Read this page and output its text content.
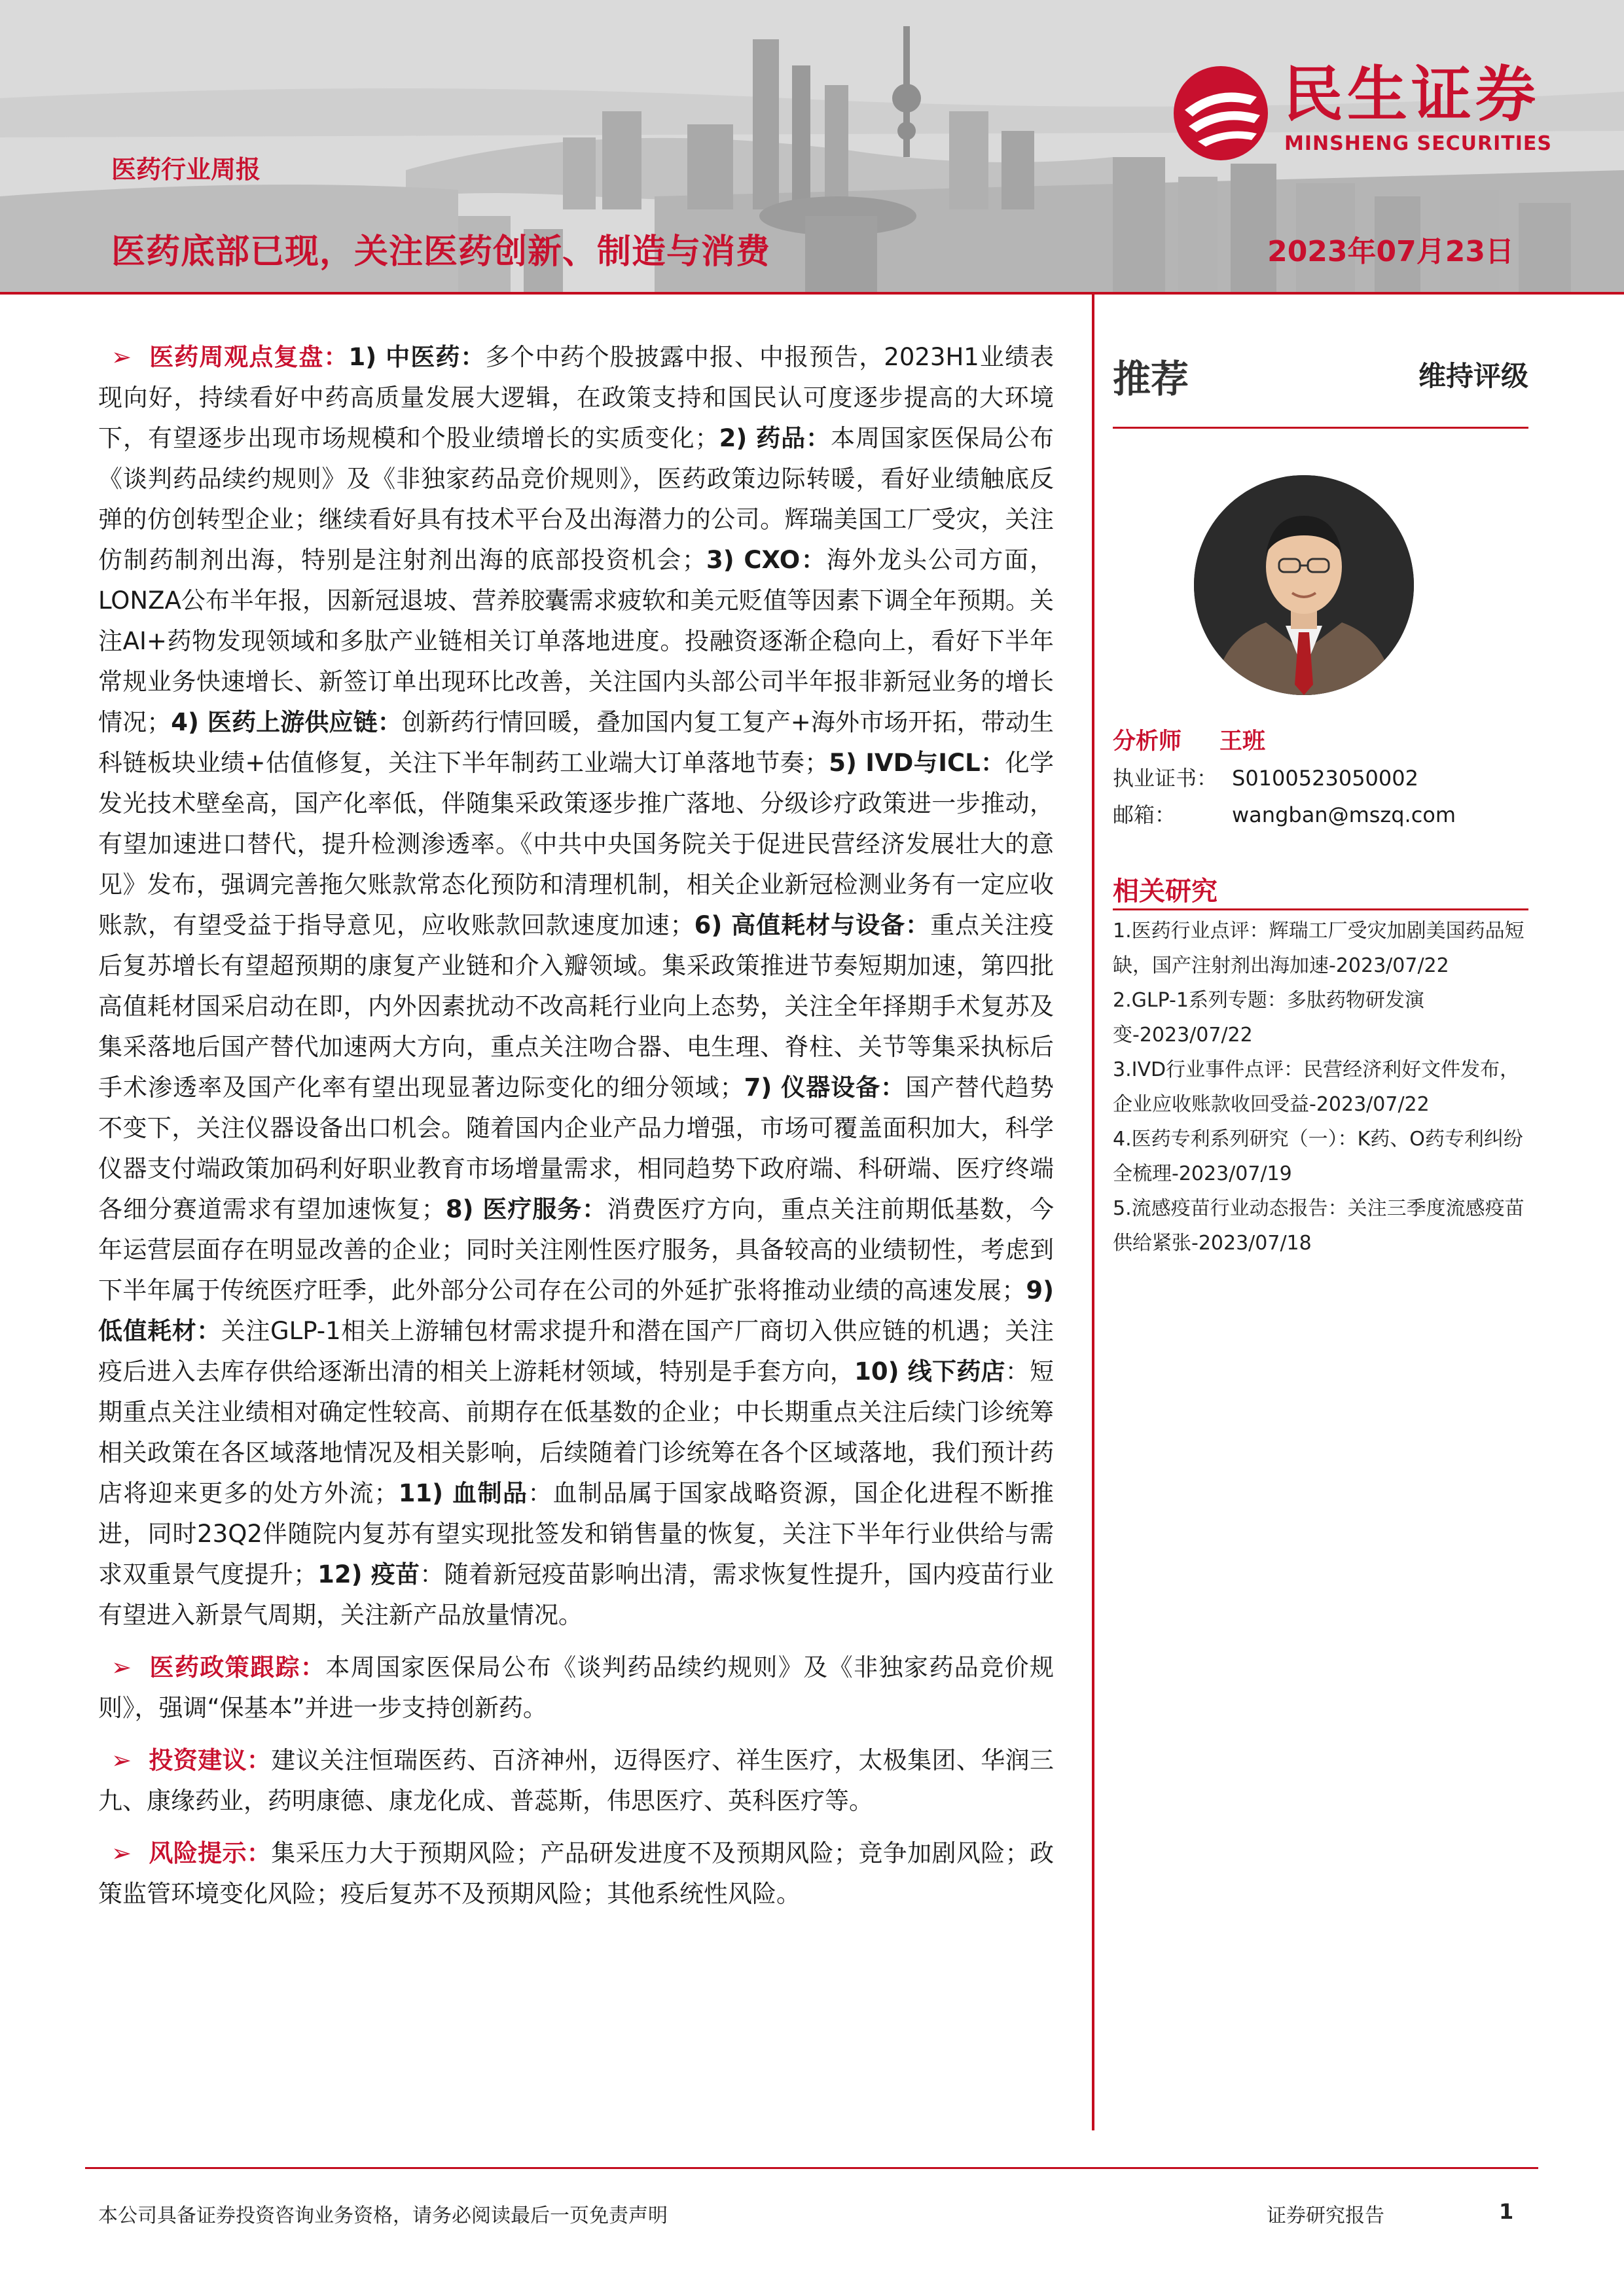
医药行业周报
医药底部已现，关注医药创新、制造与消费	2023年07月23日
民生证券
MINSHENG SECURITIES

➢ 医药周观点复盘：1) 中医药：多个中药个股披露中报、中报预告，2023H1业绩表现向好，持续看好中药高质量发展大逻辑，在政策支持和国民认可度逐步提高的大环境下，有望逐步出现市场规模和个股业绩增长的实质变化；2) 药品：本周国家医保局公布《谈判药品续约规则》及《非独家药品竞价规则》，医药政策边际转暖，看好业绩触底反弹的仿创转型企业；继续看好具有技术平台及出海潜力的公司。辉瑞美国工厂受灾，关注仿制药制剂出海，特别是注射剂出海的底部投资机会；3) CXO：海外龙头公司方面，LONZA公布半年报，因新冠退坡、营养胶囊需求疲软和美元贬值等因素下调全年预期。关注AI+药物发现领域和多肽产业链相关订单落地进度。投融资逐渐企稳向上，看好下半年常规业务快速增长、新签订单出现环比改善，关注国内头部公司半年报非新冠业务的增长情况；4) 医药上游供应链：创新药行情回暖，叠加国内复工复产+海外市场开拓，带动生科链板块业绩+估值修复，关注下半年制药工业端大订单落地节奏；5) IVD与ICL：化学发光技术壁垒高，国产化率低，伴随集采政策逐步推广落地、分级诊疗政策进一步推动，有望加速进口替代，提升检测渗透率。《中共中央国务院关于促进民营经济发展壮大的意见》发布，强调完善拖欠账款常态化预防和清理机制，相关企业新冠检测业务有一定应收账款，有望受益于指导意见，应收账款回款速度加速；6) 高值耗材与设备：重点关注疫后复苏增长有望超预期的康复产业链和介入瓣领域。集采政策推进节奏短期加速，第四批高值耗材国采启动在即，内外因素扰动不改高耗行业向上态势，关注全年择期手术复苏及集采落地后国产替代加速两大方向，重点关注吻合器、电生理、脊柱、关节等集采执标后手术渗透率及国产化率有望出现显著边际变化的细分领域；7) 仪器设备：国产替代趋势不变下，关注仪器设备出口机会。随着国内企业产品力增强，市场可覆盖面积加大，科学仪器支付端政策加码利好职业教育市场增量需求，相同趋势下政府端、科研端、医疗终端各细分赛道需求有望加速恢复；8) 医疗服务：消费医疗方向，重点关注前期低基数，今年运营层面存在明显改善的企业；同时关注刚性医疗服务，具备较高的业绩韧性，考虑到下半年属于传统医疗旺季，此外部分公司存在公司的外延扩张将推动业绩的高速发展；9) 低值耗材：关注GLP-1相关上游辅包材需求提升和潜在国产厂商切入供应链的机遇；关注疫后进入去库存供给逐渐出清的相关上游耗材领域，特别是手套方向，10) 线下药店：短期重点关注业绩相对确定性较高、前期存在低基数的企业；中长期重点关注后续门诊统筹相关政策在各区域落地情况及相关影响，后续随着门诊统筹在各个区域落地，我们预计药店将迎来更多的处方外流；11) 血制品：血制品属于国家战略资源，国企化进程不断推进，同时23Q2伴随院内复苏有望实现批签发和销售量的恢复，关注下半年行业供给与需求双重景气度提升；12) 疫苗：随着新冠疫苗影响出清，需求恢复性提升，国内疫苗行业有望进入新景气周期，关注新产品放量情况。

➢ 医药政策跟踪：本周国家医保局公布《谈判药品续约规则》及《非独家药品竞价规则》，强调“保基本”并进一步支持创新药。

➢ 投资建议：建议关注恒瑞医药、百济神州，迈得医疗、祥生医疗，太极集团、华润三九、康缘药业，药明康德、康龙化成、普蕊斯，伟思医疗、英科医疗等。

➢ 风险提示：集采压力大于预期风险；产品研发进度不及预期风险；竞争加剧风险；政策监管环境变化风险；疫后复苏不及预期风险；其他系统性风险。

推荐	维持评级
分析师 王班
执业证书： S0100523050002
邮箱：	wangban@mszq.com
相关研究
1.医药行业点评：辉瑞工厂受灾加剧美国药品短缺，国产注射剂出海加速-2023/07/22
2.GLP-1系列专题：多肽药物研发演变-2023/07/22
3.IVD行业事件点评：民营经济利好文件发布，企业应收账款收回受益-2023/07/22
4.医药专利系列研究（一）：K药、O药专利纠纷全梳理-2023/07/19
5.流感疫苗行业动态报告：关注三季度流感疫苗供给紧张-2023/07/18
本公司具备证券投资咨询业务资格，请务必阅读最后一页免责声明	证券研究报告	1
